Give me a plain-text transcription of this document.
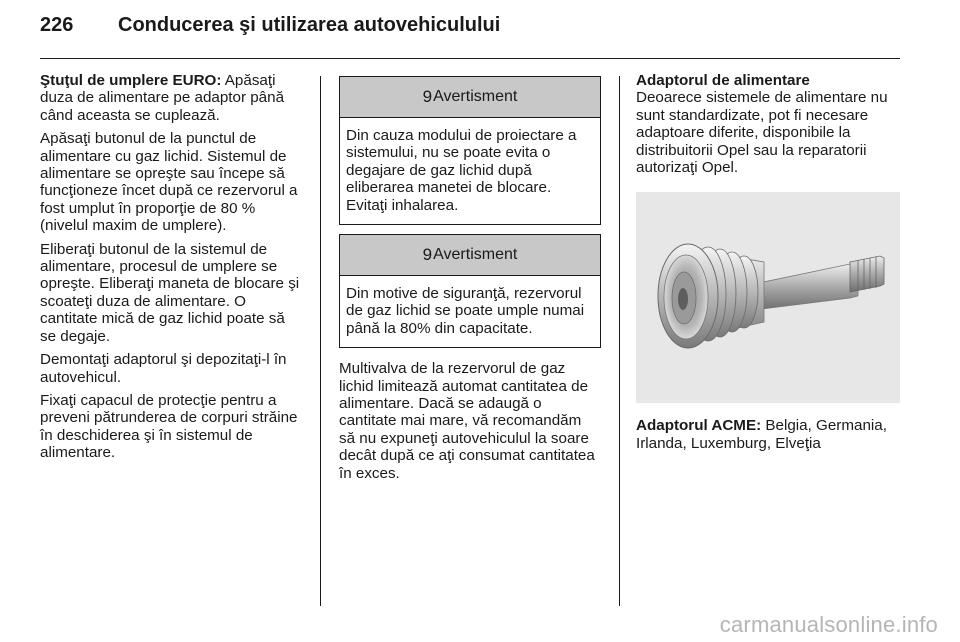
226	Conducerea şi utilizarea autovehiculului

Ştuţul de umplere EURO: Apăsaţi duza de alimentare pe adaptor până când aceasta se cuplează.

Apăsaţi butonul de la punctul de alimentare cu gaz lichid. Sistemul de alimentare se opreşte sau începe să funcţioneze încet după ce rezervorul a fost umplut în proporţie de 80 % (nivelul maxim de umplere).

Eliberaţi butonul de la sistemul de alimentare, procesul de umplere se opreşte. Eliberaţi maneta de blocare şi scoateţi duza de alimentare. O cantitate mică de gaz lichid poate să se degaje.

Demontaţi adaptorul şi depozitaţi-l în autovehicul.

Fixaţi capacul de protecţie pentru a preveni pătrunderea de corpuri străine în deschiderea şi în sistemul de alimentare.

9 Avertisment
Din cauza modului de proiectare a sistemului, nu se poate evita o degajare de gaz lichid după eliberarea manetei de blocare. Evitaţi inhalarea.
9 Avertisment
Din motive de siguranţă, rezervorul de gaz lichid se poate umple numai până la 80% din capacitate.

Multivalva de la rezervorul de gaz lichid limitează automat cantitatea de alimentare. Dacă se adaugă o cantitate mai mare, vă recomandăm să nu expuneţi autovehiculul la soare decât după ce aţi consumat cantitatea în exces.

Adaptorul de alimentare

Deoarece sistemele de alimentare nu sunt standardizate, pot fi necesare adaptoare diferite, disponibile la distribuitorii Opel sau la reparatorii autorizaţi Opel.

Adaptorul ACME: Belgia, Germania, Irlanda, Luxemburg, Elveţia

carmanualsonline.info
